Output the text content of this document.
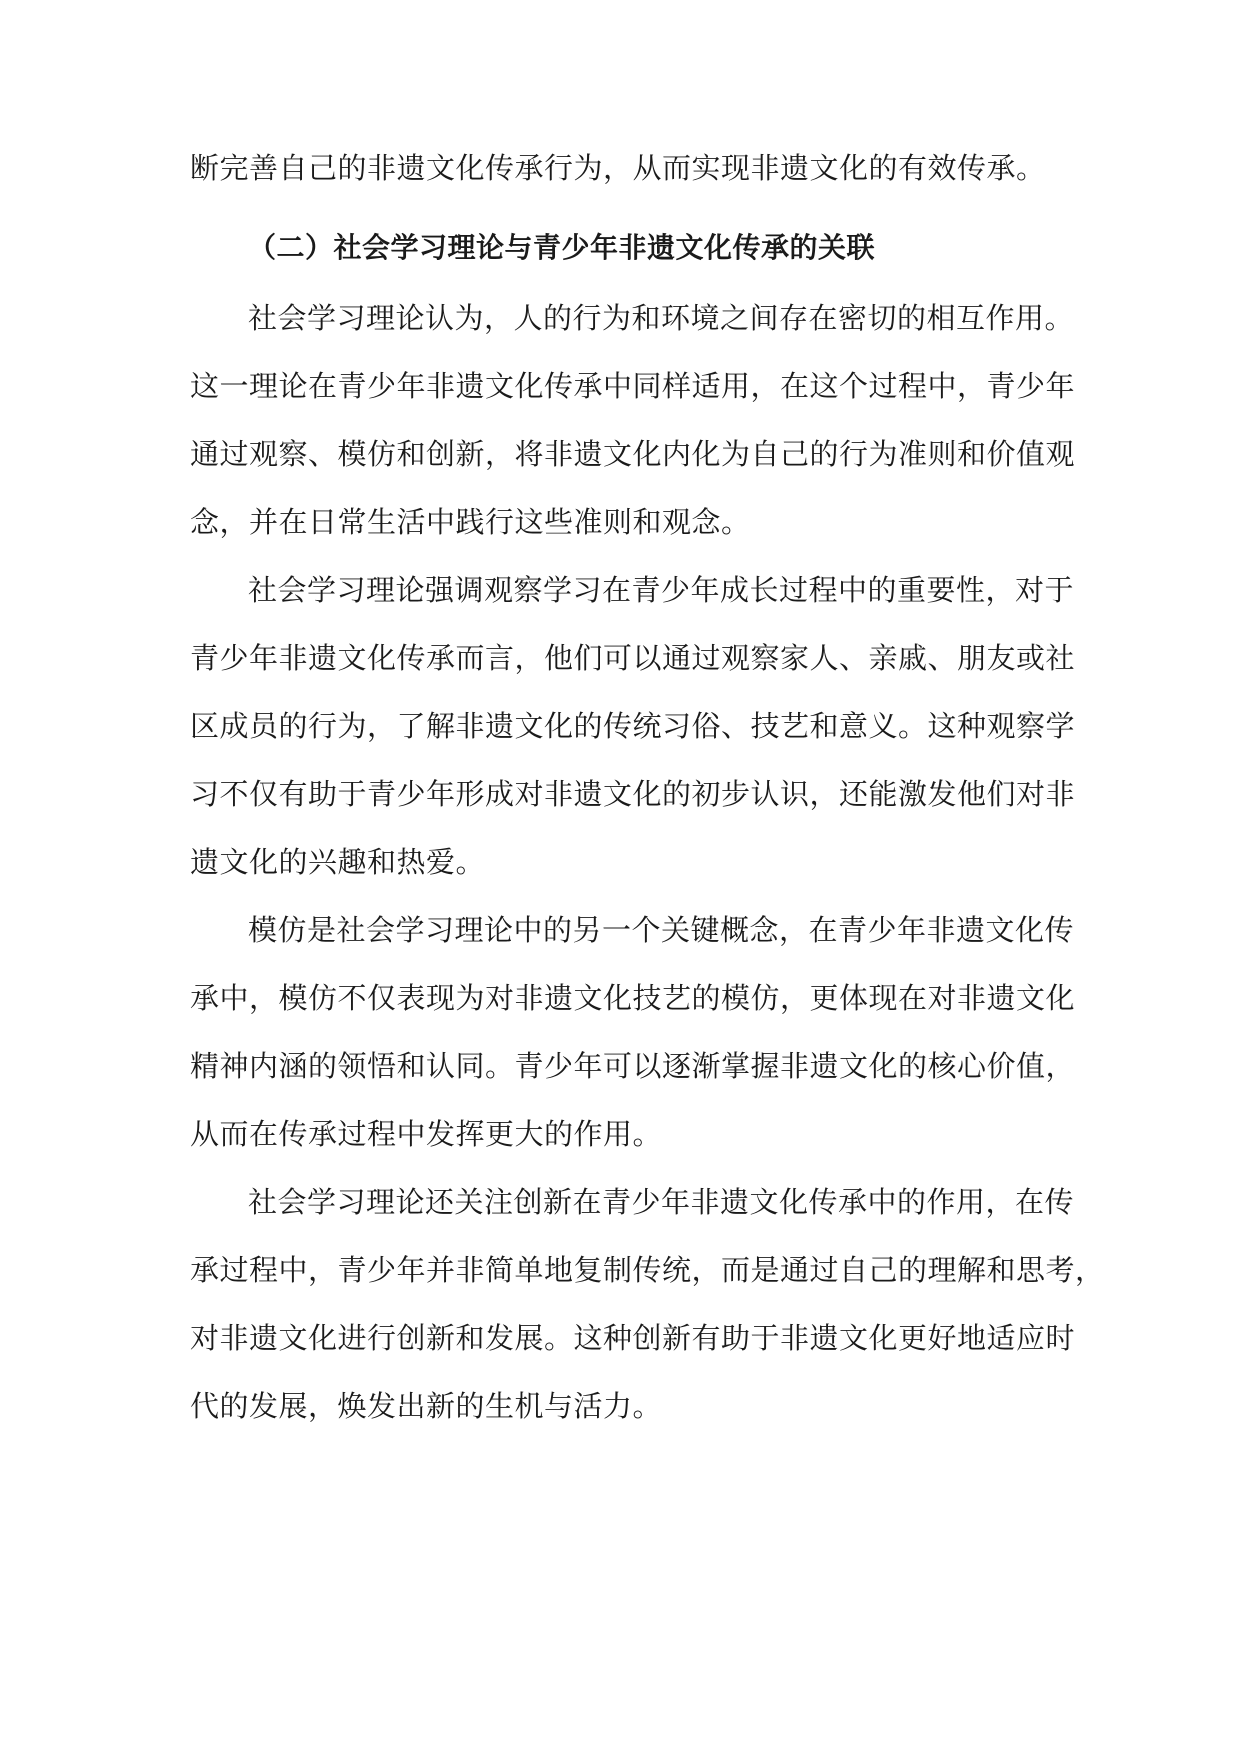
断完善自己的非遗文化传承行为，从而实现非遗文化的有效传承。
（二）社会学习理论与青少年非遗文化传承的关联
社会学习理论认为，人的行为和环境之间存在密切的相互作用。
这一理论在青少年非遗文化传承中同样适用，在这个过程中，青少年
通过观察、模仿和创新，将非遗文化内化为自己的行为准则和价值观
念，并在日常生活中践行这些准则和观念。
社会学习理论强调观察学习在青少年成长过程中的重要性，对于
青少年非遗文化传承而言，他们可以通过观察家人、亲戚、朋友或社
区成员的行为，了解非遗文化的传统习俗、技艺和意义。这种观察学
习不仅有助于青少年形成对非遗文化的初步认识，还能激发他们对非
遗文化的兴趣和热爱。
模仿是社会学习理论中的另一个关键概念，在青少年非遗文化传
承中，模仿不仅表现为对非遗文化技艺的模仿，更体现在对非遗文化
精神内涵的领悟和认同。青少年可以逐渐掌握非遗文化的核心价值，
从而在传承过程中发挥更大的作用。
社会学习理论还关注创新在青少年非遗文化传承中的作用，在传
承过程中，青少年并非简单地复制传统，而是通过自己的理解和思考，
对非遗文化进行创新和发展。这种创新有助于非遗文化更好地适应时
代的发展，焕发出新的生机与活力。
